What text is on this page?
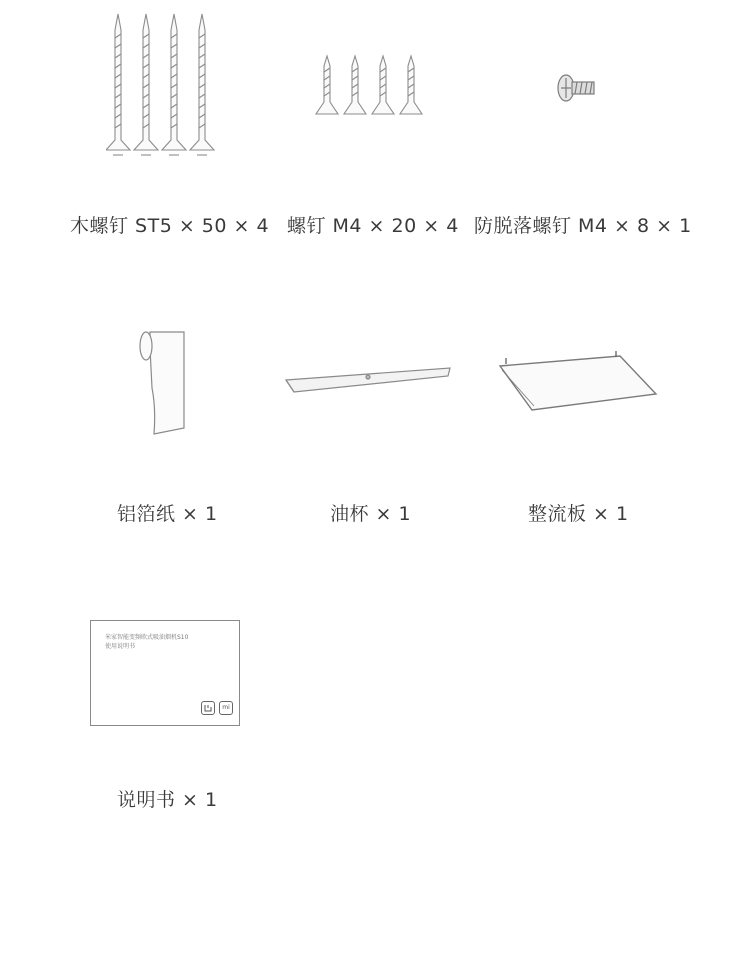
木螺钉 ST5 × 50 × 4 螺钉 M4 × 20 × 4 防脱落螺钉 M4 × 8 × 1
铝箔纸 × 1	油杯 × 1	整流板 × 1
米家智能变频欧式吸油烟机S10
使用说明书
mi
说明书 × 1
